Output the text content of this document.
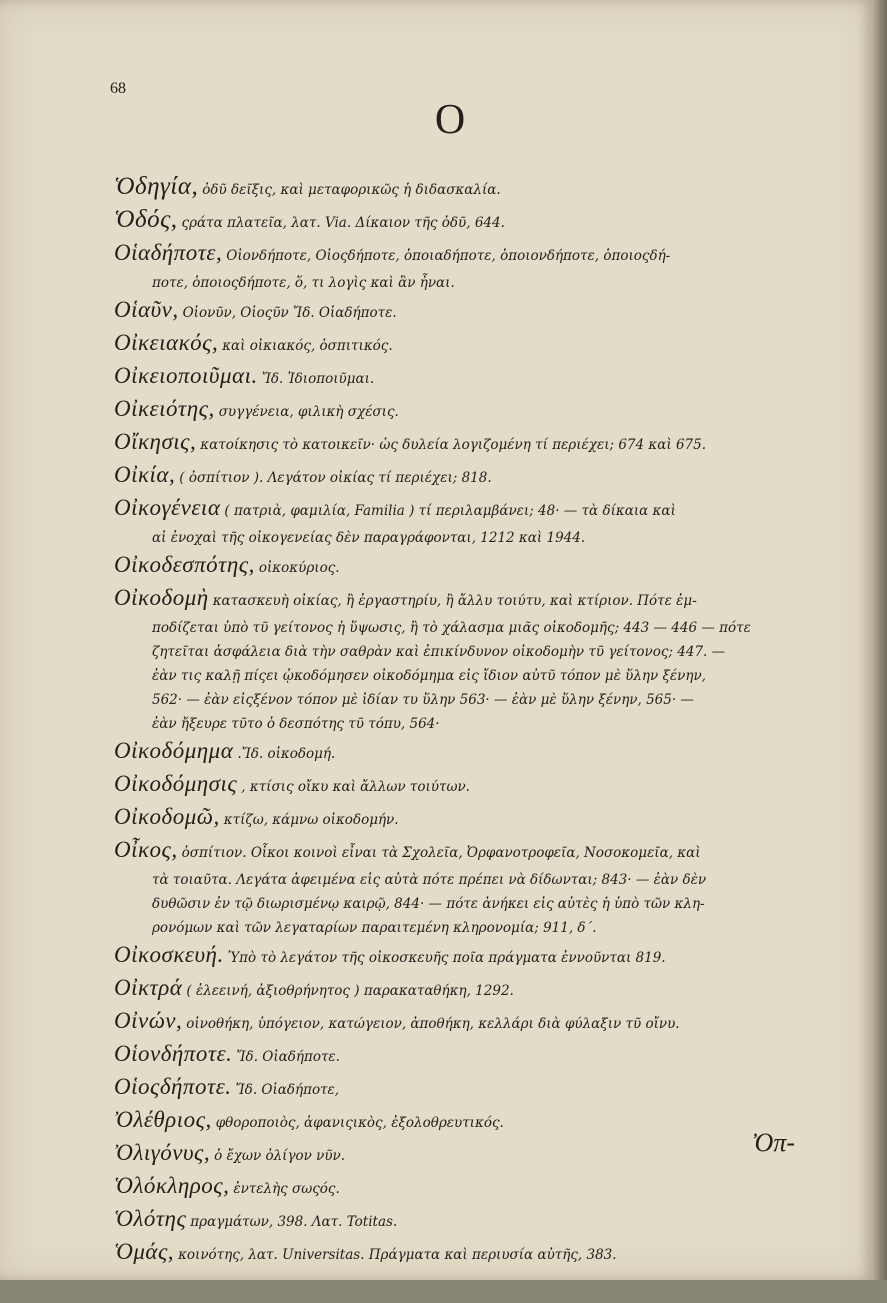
68
Ο
Ὁδηγία, ὀδῦ δεῖξις, καὶ μεταφορικῶς ἡ διδασκαλία.
Ὁδός, ςράτα πλατεῖα, λατ. Via. Δίκαιον τῆς ὀδῦ, 644.
Οἱαδήποτε, Οἱονδήποτε, Οἱοςδήποτε, ὁποιαδήποτε, ὁποιονδήποτε, ὁποιοςδή-
ποτε, ὁποιοςδήποτε, ὅ, τι λογὶς καὶ ἂν ἦναι.
Οἱαῦν, Οἱονῦν, Οἱοςῦν Ἴδ. Οἱαδήποτε.
Οἰκειακός, καὶ οἰκιακός, ὀσπιτικός.
Οἰκειοποιῦμαι. Ἴδ. Ἰδιοποιῦμαι.
Οἰκειότης, συγγένεια, φιλικὴ σχέσις.
Οἴκησις, κατοίκησις τὸ κατοικεῖν· ὡς δυλεία λογιζομένη τί περιέχει; 674 καὶ 675.
Οἰκία, ( ὀσπίτιον ). Λεγάτον οἰκίας τί περιέχει; 818.
Οἰκογένεια ( πατριὰ, φαμιλία, Familia ) τί περιλαμβάνει; 48· — τὰ δίκαια καὶ
αἱ ἐνοχαὶ τῆς οἰκογενείας δὲν παραγράφονται, 1212 καὶ 1944.
Οἰκοδεσπότης, οἰκοκύριος.
Οἰκοδομὴ κατασκευὴ οἰκίας, ἢ ἐργαστηρίυ, ἢ ἄλλυ τοιύτυ, καὶ κτίριον. Πότε ἐμ-
ποδίζεται ὑπὸ τῦ γείτονος ἡ ὕψωσις, ἢ τὸ χάλασμα μιᾶς οἰκοδομῆς; 443 — 446 — πότε
ζητεῖται ἀσφάλεια διὰ τὴν σαθρὰν καὶ ἐπικίνδυνον οἰκοδομὴν τῦ γείτονος; 447. —
ἐὰν τις καλῇ πίςει ᾠκοδόμησεν οἰκοδόμημα εἰς ἴδιον αὐτῦ τόπον μὲ ὕλην ξένην,
562· — ἐὰν εἰςξένον τόπον μὲ ἰδίαν τυ ὕλην 563· — ἐὰν μὲ ὕλην ξένην, 565· —
ἐὰν ἤξευρε τῦτο ὁ δεσπότης τῦ τόπυ, 564·
Οἰκοδόμημα .Ἴδ. οἰκοδομή.
Οἰκοδόμησις , κτίσις οἴκυ καὶ ἄλλων τοιύτων.
Οἰκοδομῶ, κτίζω, κάμνω οἰκοδομήν.
Οἶκος, ὀσπίτιον. Οἶκοι κοινοὶ εἶναι τὰ Σχολεῖα, Ὀρφανοτροφεῖα, Νοσοκομεῖα, καὶ
τὰ τοιαῦτα. Λεγάτα ἀφειμένα εἰς αὐτὰ πότε πρέπει νὰ δίδωνται; 843· — ἐὰν δὲν
δυθῶσιν ἐν τῷ διωρισμένῳ καιρῷ, 844· — πότε ἀνήκει εἰς αὐτὲς ἡ ὑπὸ τῶν κλη-
ρονόμων καὶ τῶν λεγαταρίων παραιτεμένη κληρονομία; 911, δ΄.
Οἰκοσκευή. Ὑπὸ τὸ λεγάτον τῆς οἰκοσκευῆς ποῖα πράγματα ἐννοῦνται 819.
Οἰκτρά ( ἐλεεινή, ἀξιοθρήνητος ) παρακαταθήκη, 1292.
Οἰνών, οἰνοθήκη, ὑπόγειον, κατώγειον, ἀποθήκη, κελλάρι διὰ φύλαξιν τῦ οἴνυ.
Οἱονδήποτε. Ἴδ. Οἱαδήποτε.
Οἱοςδήποτε. Ἴδ. Οἱαδήποτε,
Ὀλέθριος, φθοροποιὸς, ἀφανιςικὸς, ἐξολοθρευτικός.
Ὀλιγόνυς, ὁ ἔχων ὀλίγον νῦν.
Ὁλόκληρος, ἐντελὴς σωςός.
Ὁλότης πραγμάτων, 398. Λατ. Totitas.
Ὁμάς, κοινότης, λατ. Universitas. Πράγματα καὶ περιυσία αὐτῆς, 383.
Ὀπ-
